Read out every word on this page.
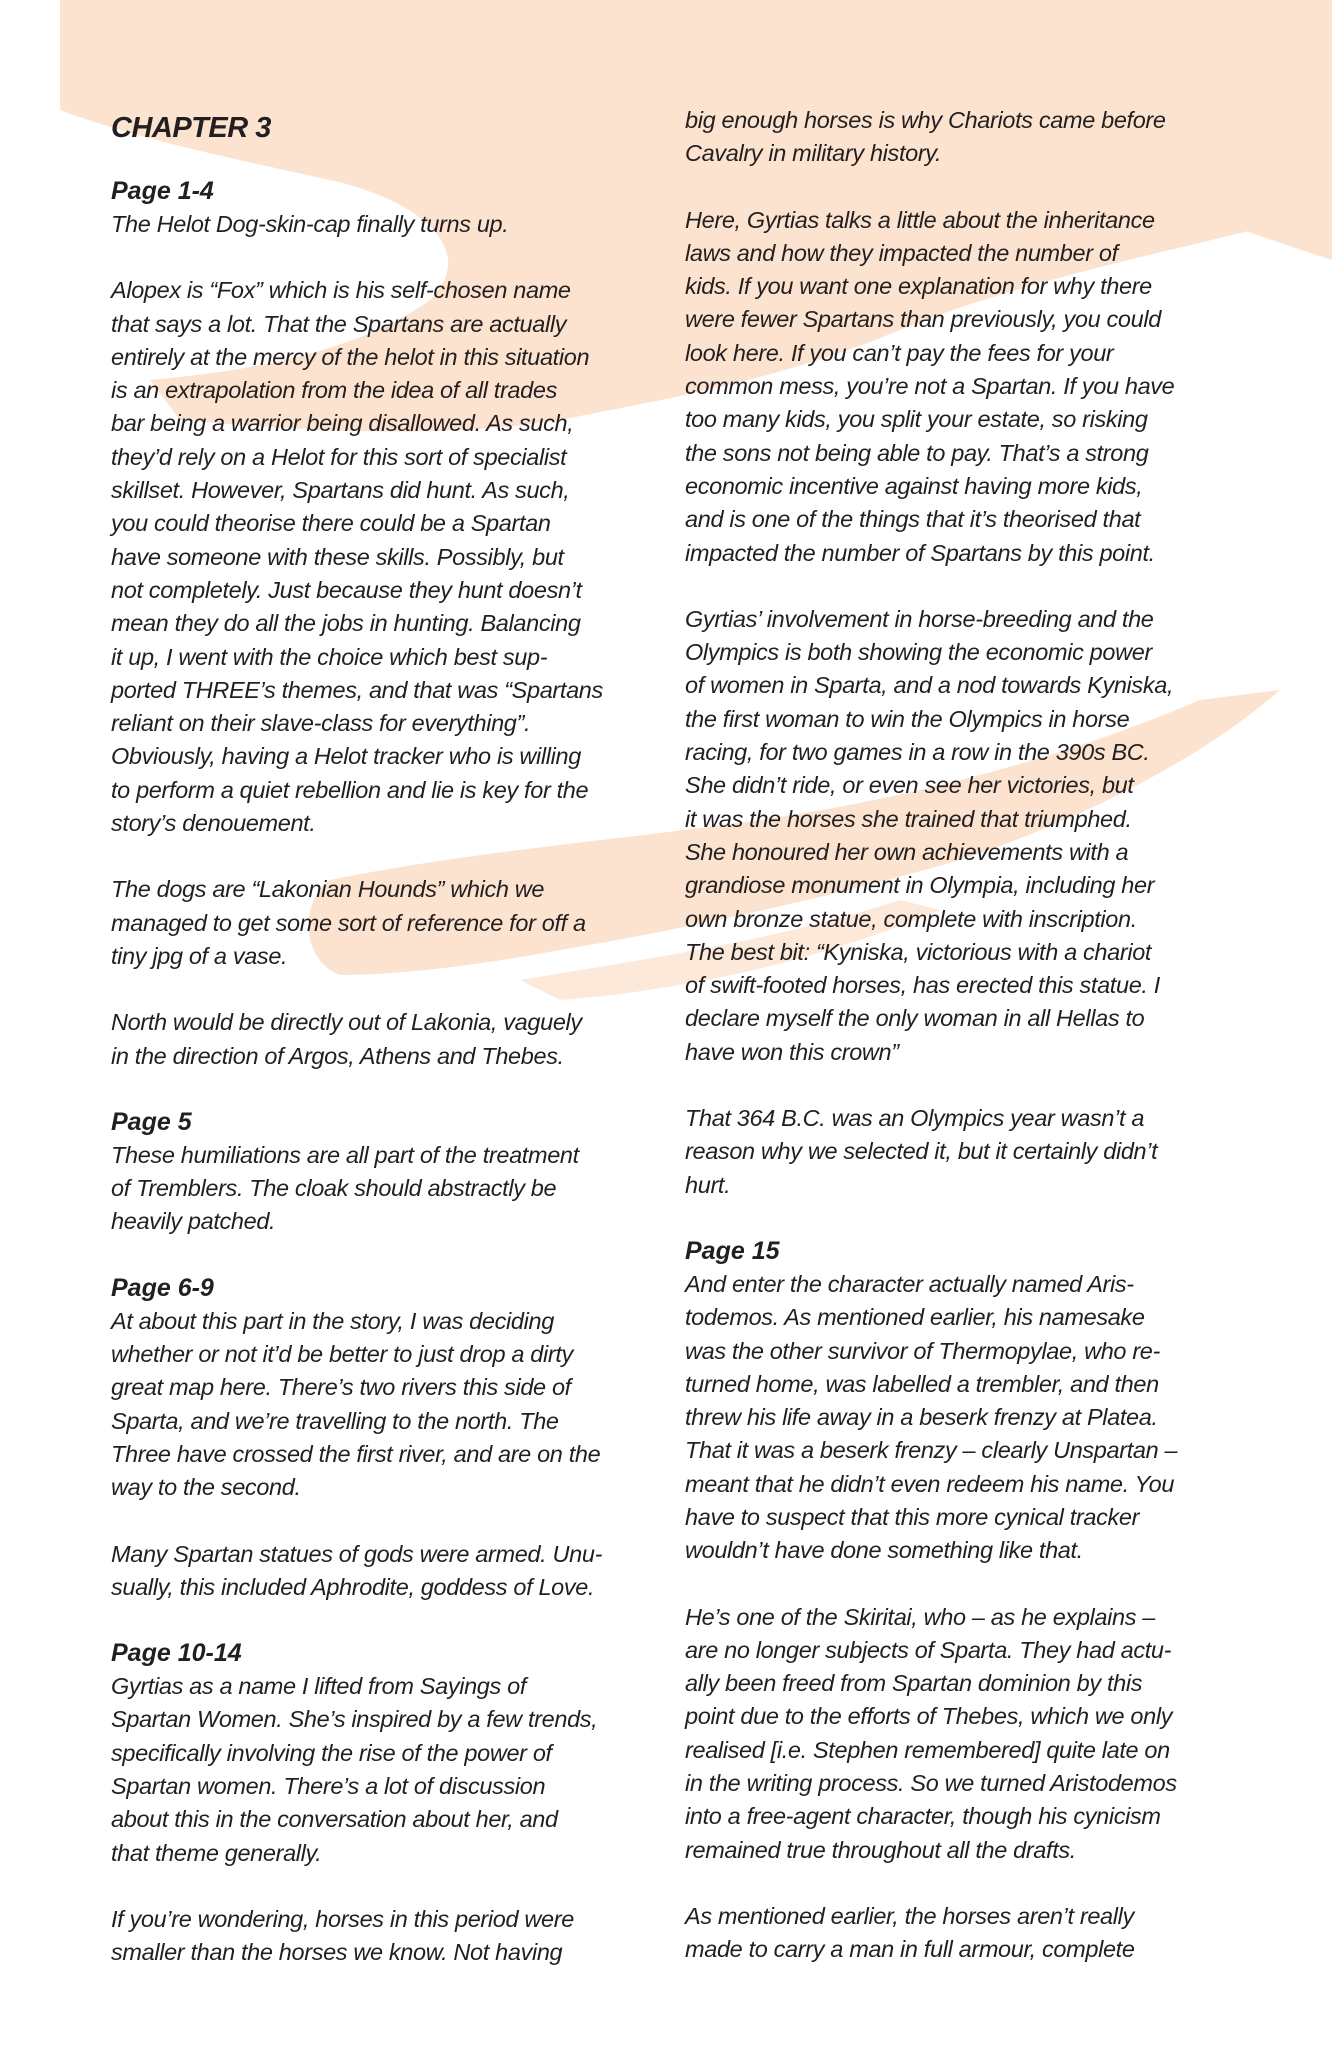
CHAPTER 3
Page 1-4
The Helot Dog-skin-cap finally turns up.
Alopex is “Fox” which is his self-chosen name
that says a lot. That the Spartans are actually
entirely at the mercy of the helot in this situation
is an extrapolation from the idea of all trades
bar being a warrior being disallowed. As such,
they’d rely on a Helot for this sort of specialist
skillset. However, Spartans did hunt. As such,
you could theorise there could be a Spartan
have someone with these skills. Possibly, but
not completely. Just because they hunt doesn’t
mean they do all the jobs in hunting. Balancing
it up, I went with the choice which best sup-
ported THREE’s themes, and that was “Spartans
reliant on their slave-class for everything”.
Obviously, having a Helot tracker who is willing
to perform a quiet rebellion and lie is key for the
story’s denouement.
The dogs are “Lakonian Hounds” which we
managed to get some sort of reference for off a
tiny jpg of a vase.
North would be directly out of Lakonia, vaguely
in the direction of Argos, Athens and Thebes.
Page 5
These humiliations are all part of the treatment
of Tremblers. The cloak should abstractly be
heavily patched.
Page 6-9
At about this part in the story, I was deciding
whether or not it’d be better to just drop a dirty
great map here. There’s two rivers this side of
Sparta, and we’re travelling to the north. The
Three have crossed the first river, and are on the
way to the second.
Many Spartan statues of gods were armed. Unu-
sually, this included Aphrodite, goddess of Love.
Page 10-14
Gyrtias as a name I lifted from Sayings of
Spartan Women. She’s inspired by a few trends,
specifically involving the rise of the power of
Spartan women. There’s a lot of discussion
about this in the conversation about her, and
that theme generally.
If you’re wondering, horses in this period were
smaller than the horses we know. Not having
big enough horses is why Chariots came before
Cavalry in military history.
Here, Gyrtias talks a little about the inheritance
laws and how they impacted the number of
kids. If you want one explanation for why there
were fewer Spartans than previously, you could
look here. If you can’t pay the fees for your
common mess, you’re not a Spartan. If you have
too many kids, you split your estate, so risking
the sons not being able to pay. That’s a strong
economic incentive against having more kids,
and is one of the things that it’s theorised that
impacted the number of Spartans by this point.
Gyrtias’ involvement in horse-breeding and the
Olympics is both showing the economic power
of women in Sparta, and a nod towards Kyniska,
the first woman to win the Olympics in horse
racing, for two games in a row in the 390s BC.
She didn’t ride, or even see her victories, but
it was the horses she trained that triumphed.
She honoured her own achievements with a
grandiose monument in Olympia, including her
own bronze statue, complete with inscription.
The best bit: “Kyniska, victorious with a chariot
of swift-footed horses, has erected this statue. I
declare myself the only woman in all Hellas to
have won this crown”
That 364 B.C. was an Olympics year wasn’t a
reason why we selected it, but it certainly didn’t
hurt.
Page 15
And enter the character actually named Aris-
todemos. As mentioned earlier, his namesake
was the other survivor of Thermopylae, who re-
turned home, was labelled a trembler, and then
threw his life away in a beserk frenzy at Platea.
That it was a beserk frenzy – clearly Unspartan –
meant that he didn’t even redeem his name. You
have to suspect that this more cynical tracker
wouldn’t have done something like that.
He’s one of the Skiritai, who – as he explains –
are no longer subjects of Sparta. They had actu-
ally been freed from Spartan dominion by this
point due to the efforts of Thebes, which we only
realised [i.e. Stephen remembered] quite late on
in the writing process. So we turned Aristodemos
into a free-agent character, though his cynicism
remained true throughout all the drafts.
As mentioned earlier, the horses aren’t really
made to carry a man in full armour, complete
